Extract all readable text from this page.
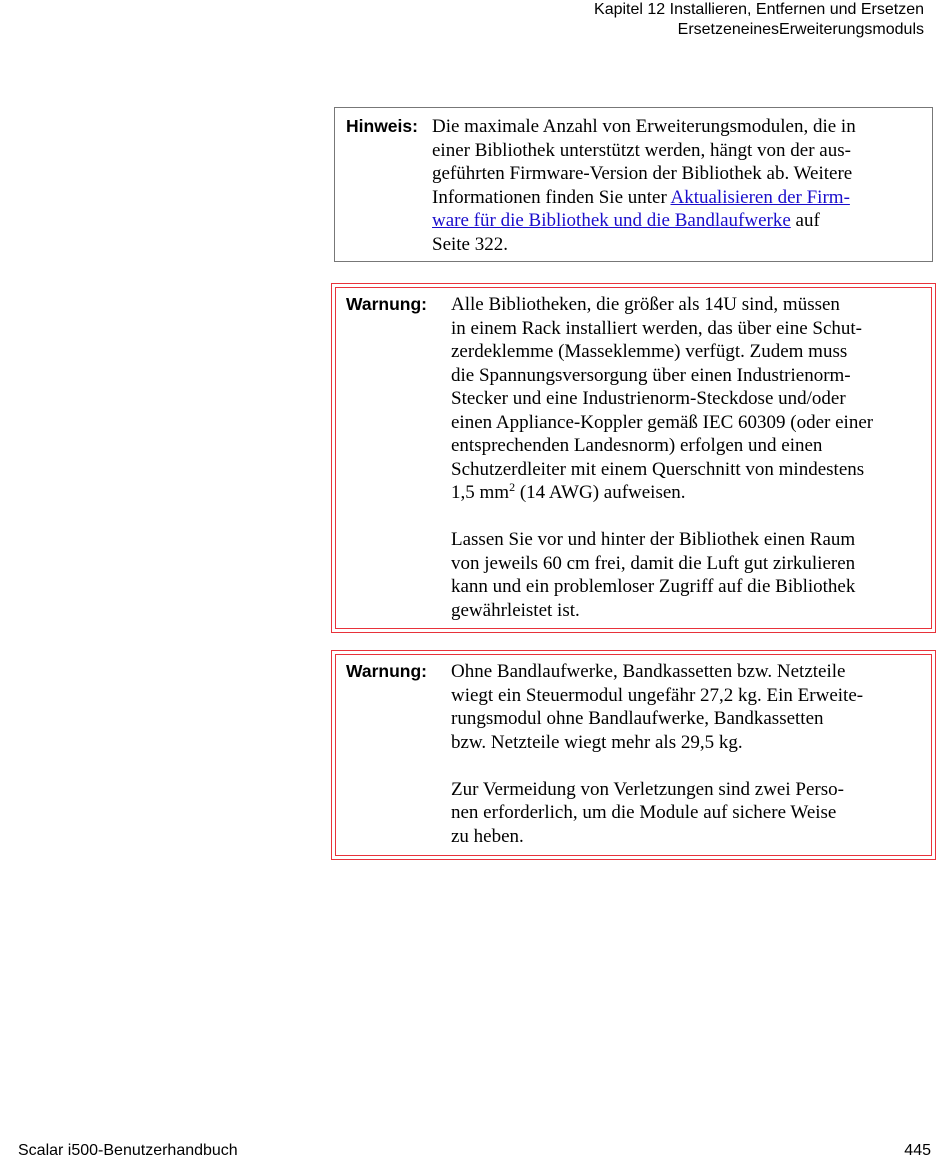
Kapitel 12 Installieren, Entfernen und Ersetzen
ErsetzeneinesErweiterungsmoduls
Hinweis: Die maximale Anzahl von Erweiterungsmodulen, die in
einer Bibliothek unterstützt werden, hängt von der aus-
geführten Firmware-Version der Bibliothek ab. Weitere
Informationen finden Sie unter Aktualisieren der Firm-
ware für die Bibliothek und die Bandlaufwerke auf
Seite 322.
Warnung: Alle Bibliotheken, die größer als 14U sind, müssen
in einem Rack installiert werden, das über eine Schut-
zerdeklemme (Masseklemme) verfügt. Zudem muss
die Spannungsversorgung über einen Industrienorm-
Stecker und eine Industrienorm-Steckdose und/oder
einen Appliance-Koppler gemäß IEC 60309 (oder einer
entsprechenden Landesnorm) erfolgen und einen
Schutzerdleiter mit einem Querschnitt von mindestens
1,5 $mm^2$ (14 AWG) aufweisen.
Lassen Sie vor und hinter der Bibliothek einen Raum
von jeweils 60 cm frei, damit die Luft gut zirkulieren
kann und ein problemloser Zugriff auf die Bibliothek
gewährleistet ist.
Warnung: Ohne Bandlaufwerke, Bandkassetten bzw. Netzteile
wiegt ein Steuermodul ungefähr 27,2 kg. Ein Erweite-
rungsmodul ohne Bandlaufwerke, Bandkassetten
bzw. Netzteile wiegt mehr als 29,5 kg.
Zur Vermeidung von Verletzungen sind zwei Perso-
nen erforderlich, um die Module auf sichere Weise
zu heben.
Scalar i500-Benutzerhandbuch	445
